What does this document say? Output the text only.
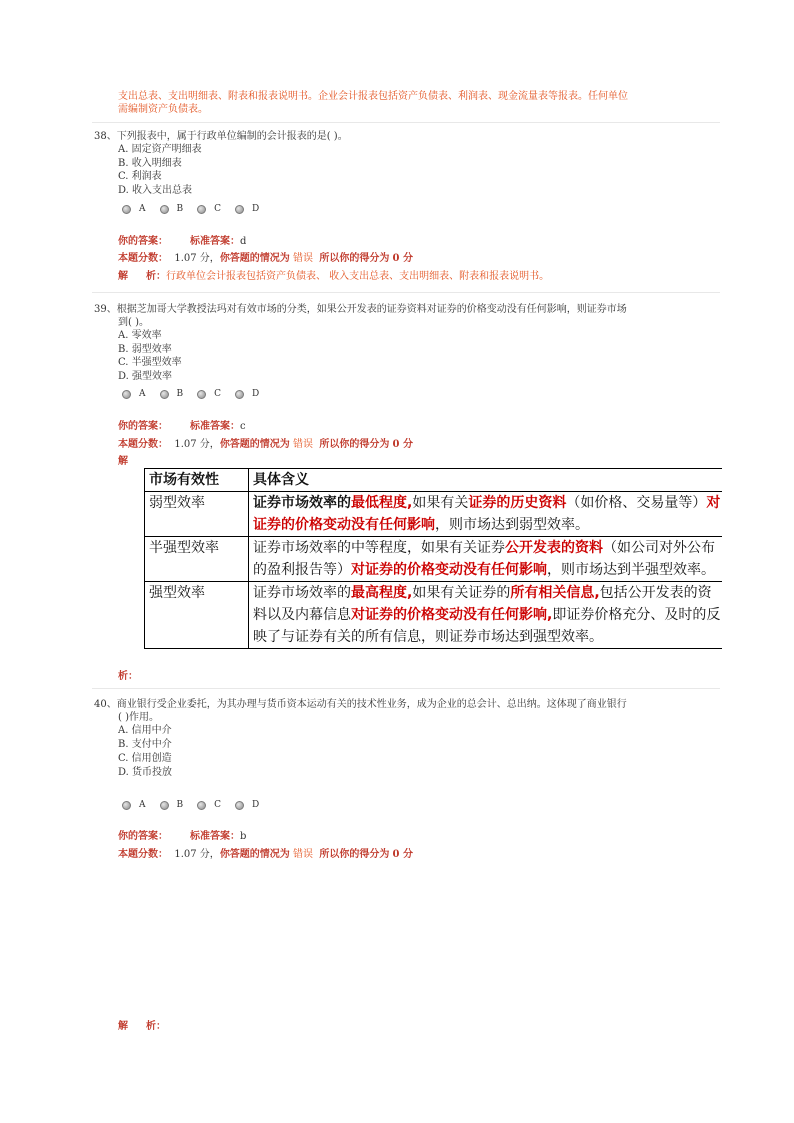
支出总表、支出明细表、附表和报表说明书。企业会计报表包括资产负债表、利润表、现金流量表等报表。任何单位
需编制资产负债表。
38、下列报表中，属于行政单位编制的会计报表的是( )。
A. 固定资产明细表
B. 收入明细表
C. 利润表
D. 收入支出总表
A	B	C	D
你的答案： 标准答案：d
本题分数： 1.07 分，你答题的情况为 错误 所以你的得分为 0 分
解 析：行政单位会计报表包括资产负债表、 收入支出总表、支出明细表、附表和报表说明书。
39、根据芝加哥大学教授法玛对有效市场的分类，如果公开发表的证券资料对证券的价格变动没有任何影响，则证券市场
到( )。
A. 零效率
B. 弱型效率
C. 半强型效率
D. 强型效率
A	B	C	D
你的答案： 标准答案：c
本题分数： 1.07 分，你答题的情况为 错误 所以你的得分为 0 分
解
市场有效性	具体含义
弱型效率	证券市场效率的最低程度,如果有关证券的历史资料（如价格、交易量等）对证券的价格变动没有任何影响，则市场达到弱型效率。
半强型效率	证券市场效率的中等程度，如果有关证券公开发表的资料（如公司对外公布的盈利报告等）对证券的价格变动没有任何影响，则市场达到半强型效率。
强型效率	证券市场效率的最高程度,如果有关证券的所有相关信息,包括公开发表的资料以及内幕信息对证券的价格变动没有任何影响,即证券价格充分、及时的反映了与证券有关的所有信息，则证券市场达到强型效率。
析：
40、商业银行受企业委托，为其办理与货币资本运动有关的技术性业务，成为企业的总会计、总出纳。这体现了商业银行
( )作用。
A. 信用中介
B. 支付中介
C. 信用创造
D. 货币投放
A	B	C	D
你的答案： 标准答案：b
本题分数： 1.07 分，你答题的情况为 错误 所以你的得分为 0 分
解 析：
